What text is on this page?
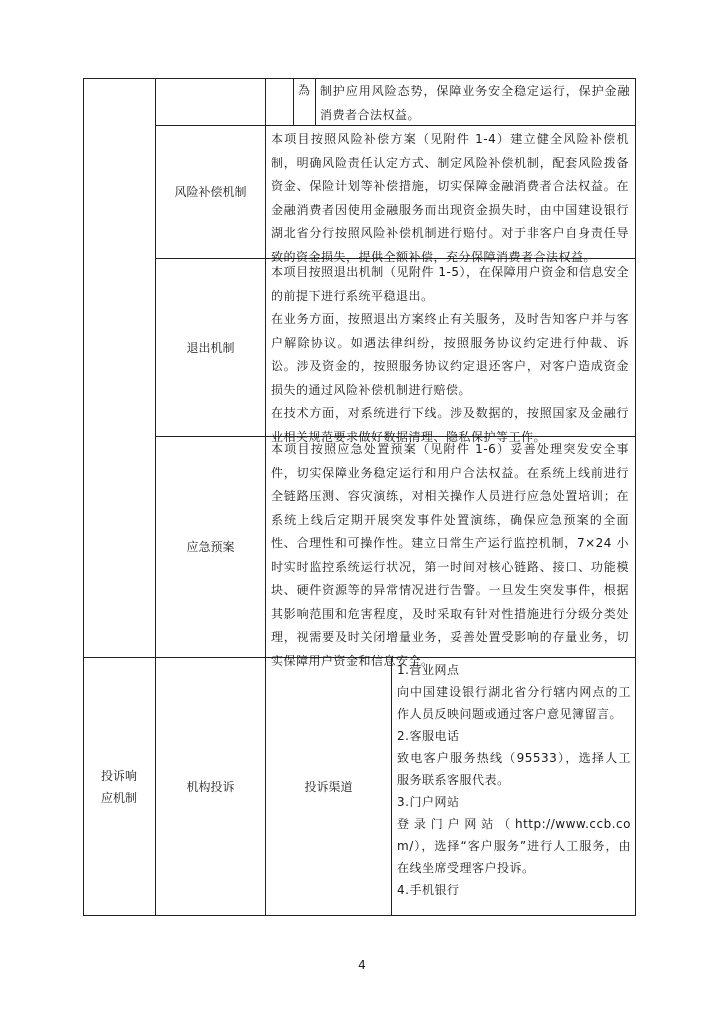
為 制护应用风险态势，保障业务安全稳定运行，保护金融消费者合法权益。
风险补偿机制
本项目按照风险补偿方案（见附件 1-4）建立健全风险补偿机制，明确风险责任认定方式、制定风险补偿机制，配套风险拨备资金、保险计划等补偿措施，切实保障金融消费者合法权益。在金融消费者因使用金融服务而出现资金损失时，由中国建设银行湖北省分行按照风险补偿机制进行赔付。对于非客户自身责任导致的资金损失，提供全额补偿，充分保障消费者合法权益。
退出机制

本项目按照退出机制（见附件 1-5），在保障用户资金和信息安全的前提下进行系统平稳退出。

在业务方面，按照退出方案终止有关服务，及时告知客户并与客户解除协议。如遇法律纠纷，按照服务协议约定进行仲裁、诉讼。涉及资金的，按照服务协议约定退还客户，对客户造成资金损失的通过风险补偿机制进行赔偿。

在技术方面，对系统进行下线。涉及数据的，按照国家及金融行业相关规范要求做好数据清理、隐私保护等工作。

应急预案
本项目按照应急处置预案（见附件 1-6）妥善处理突发安全事件，切实保障业务稳定运行和用户合法权益。在系统上线前进行全链路压测、容灾演练，对相关操作人员进行应急处置培训；在系统上线后定期开展突发事件处置演练，确保应急预案的全面性、合理性和可操作性。建立日常生产运行监控机制，7×24 小时实时监控系统运行状况，第一时间对核心链路、接口、功能模块、硬件资源等的异常情况进行告警。一旦发生突发事件，根据其影响范围和危害程度，及时采取有针对性措施进行分级分类处理，视需要及时关闭增量业务，妥善处置受影响的存量业务，切实保障用户资金和信息安全。
投诉响应机制
机构投诉	投诉渠道

1.营业网点

向中国建设银行湖北省分行辖内网点的工作人员反映问题或通过客户意见簿留言。

2.客服电话

致电客户服务热线（95533），选择人工服务联系客服代表。

3.门户网站

登录门户网站（http://www.ccb.com/），选择“客户服务”进行人工服务，由在线坐席受理客户投诉。

4.手机银行

4
